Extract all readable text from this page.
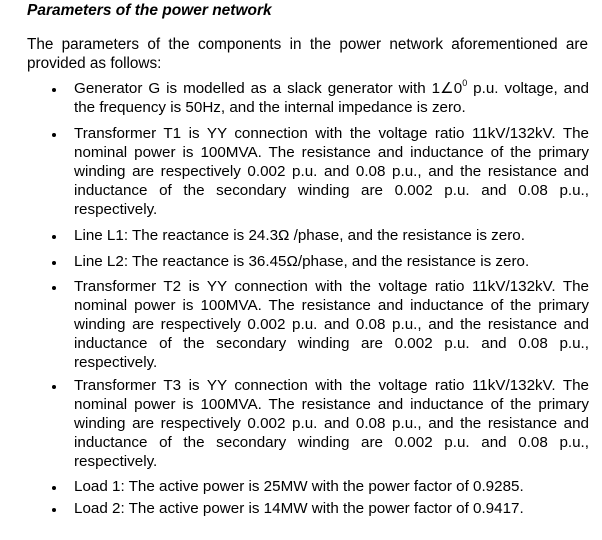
Parameters of the power network
The parameters of the components in the power network aforementioned are provided as follows:
Generator G is modelled as a slack generator with $1\angle 0^0$ p.u. voltage, and the frequency is 50Hz, and the internal impedance is zero.
Transformer T1 is YY connection with the voltage ratio 11kV/132kV. The nominal power is 100MVA. The resistance and inductance of the primary winding are respectively 0.002 p.u. and 0.08 p.u., and the resistance and inductance of the secondary winding are 0.002 p.u. and 0.08 p.u., respectively.
Line L1: The reactance is 24.3Ω /phase, and the resistance is zero.
Line L2: The reactance is 36.45Ω/phase, and the resistance is zero.
Transformer T2 is YY connection with the voltage ratio 11kV/132kV. The nominal power is 100MVA. The resistance and inductance of the primary winding are respectively 0.002 p.u. and 0.08 p.u., and the resistance and inductance of the secondary winding are 0.002 p.u. and 0.08 p.u., respectively.
Transformer T3 is YY connection with the voltage ratio 11kV/132kV. The nominal power is 100MVA. The resistance and inductance of the primary winding are respectively 0.002 p.u. and 0.08 p.u., and the resistance and inductance of the secondary winding are 0.002 p.u. and 0.08 p.u., respectively.
Load 1: The active power is 25MW with the power factor of 0.9285.
Load 2: The active power is 14MW with the power factor of 0.9417.
